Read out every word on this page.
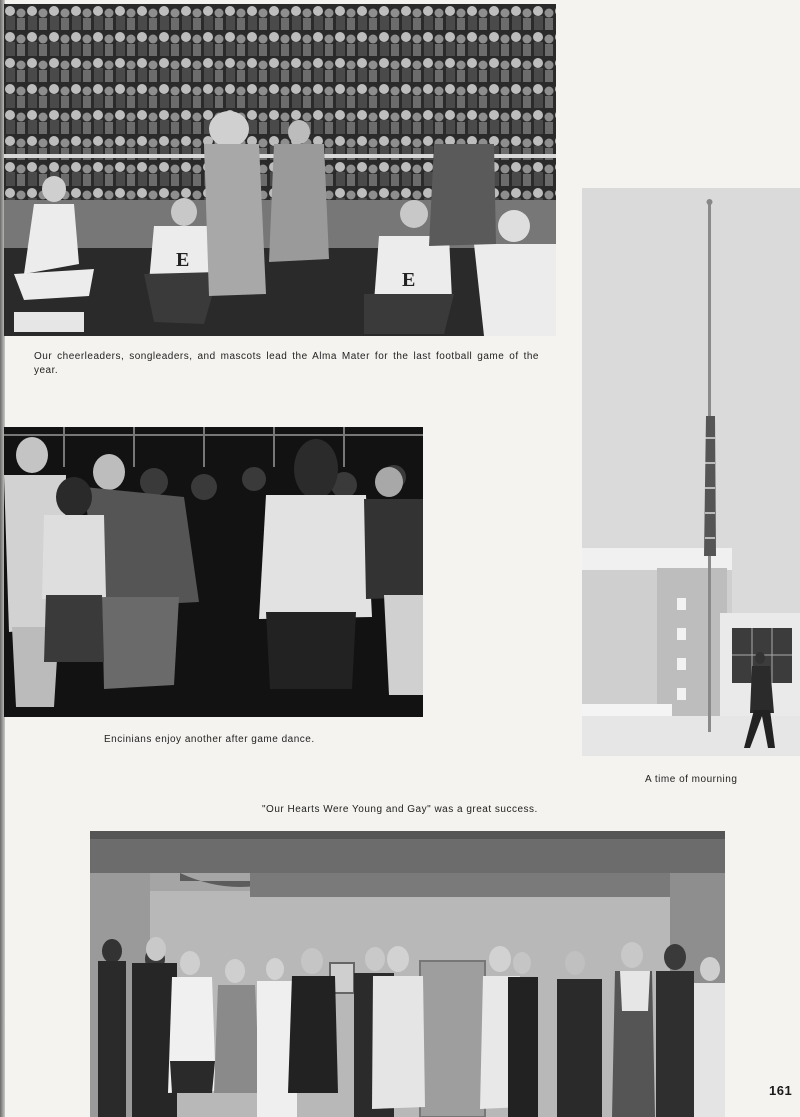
E
E
Our cheerleaders, songleaders, and mascots lead the Alma Mater for the last football game of the year.
Encinians enjoy another after game dance.
A time of mourning
"Our Hearts Were Young and Gay" was a great success.
161
